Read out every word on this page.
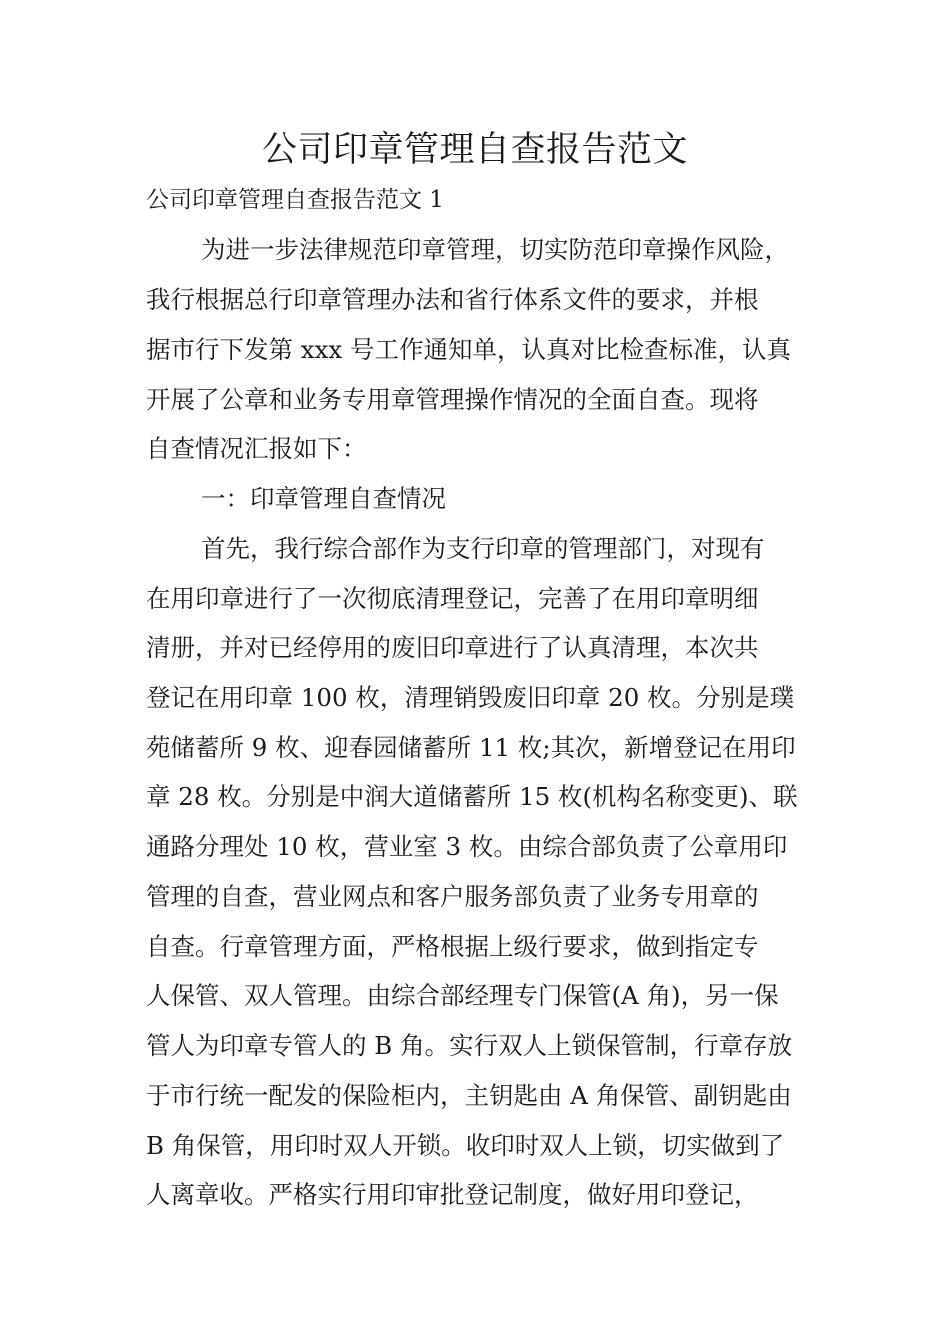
公司印章管理自查报告范文

公司印章管理自查报告范文 1

为进一步法律规范印章管理，切实防范印章操作风险，

我行根据总行印章管理办法和省行体系文件的要求，并根

据市行下发第 xxx 号工作通知单，认真对比检查标准，认真

开展了公章和业务专用章管理操作情况的全面自查。现将

自查情况汇报如下：

一：印章管理自查情况

首先，我行综合部作为支行印章的管理部门，对现有

在用印章进行了一次彻底清理登记，完善了在用印章明细

清册，并对已经停用的废旧印章进行了认真清理，本次共

登记在用印章 100 枚，清理销毁废旧印章 20 枚。分别是璞

苑储蓄所 9 枚、迎春园储蓄所 11 枚;其次，新增登记在用印

章 28 枚。分别是中润大道储蓄所 15 枚(机构名称变更)、联

通路分理处 10 枚，营业室 3 枚。由综合部负责了公章用印

管理的自查，营业网点和客户服务部负责了业务专用章的

自查。行章管理方面，严格根据上级行要求，做到指定专

人保管、双人管理。由综合部经理专门保管(A 角)，另一保

管人为印章专管人的 B 角。实行双人上锁保管制，行章存放

于市行统一配发的保险柜内，主钥匙由 A 角保管、副钥匙由

B 角保管，用印时双人开锁。收印时双人上锁，切实做到了

人离章收。严格实行用印审批登记制度，做好用印登记，
